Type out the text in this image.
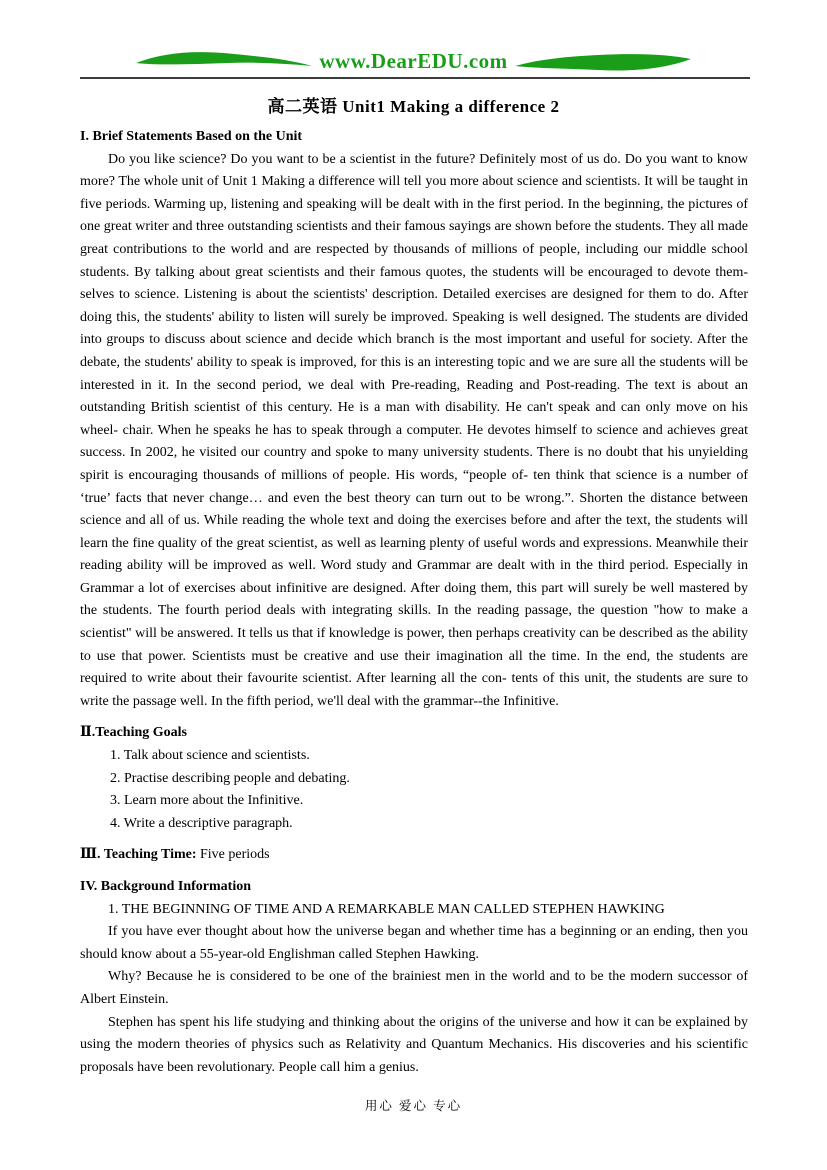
www.DearEDU.com
高二英语 Unit1 Making a difference 2
I. Brief Statements Based on the Unit

Do you like science? Do you want to be a scientist in the future? Definitely most of us do. Do you want to know more? The whole unit of Unit 1 Making a difference will tell you more about science and scientists. It will be taught in five periods. Warming up, listening and speaking will be dealt with in the first period. In the beginning, the pictures of one great writer and three outstanding scientists and their famous sayings are shown before the students. They all made great contributions to the world and are respected by thousands of millions of people, including our middle school students. By talking about great scientists and their famous quotes, the students will be encouraged to devote them- selves to science. Listening is about the scientists' description. Detailed exercises are designed for them to do. After doing this, the students' ability to listen will surely be improved. Speaking is well designed. The students are divided into groups to discuss about science and decide which branch is the most important and useful for society. After the debate, the students' ability to speak is improved, for this is an interesting topic and we are sure all the students will be interested in it. In the second period, we deal with Pre-reading, Reading and Post-reading. The text is about an outstanding British scientist of this century. He is a man with disability. He can't speak and can only move on his wheel- chair. When he speaks he has to speak through a computer. He devotes himself to science and achieves great success. In 2002, he visited our country and spoke to many university students. There is no doubt that his unyielding spirit is encouraging thousands of millions of people. His words, “people of- ten think that science is a number of ‘true’ facts that never change… and even the best theory can turn out to be wrong.”. Shorten the distance between science and all of us. While reading the whole text and doing the exercises before and after the text, the students will learn the fine quality of the great scientist, as well as learning plenty of useful words and expressions. Meanwhile their reading ability will be improved as well. Word study and Grammar are dealt with in the third period. Especially in Grammar a lot of exercises about infinitive are designed. After doing them, this part will surely be well mastered by the students. The fourth period deals with integrating skills. In the reading passage, the question "how to make a scientist" will be answered. It tells us that if knowledge is power, then perhaps creativity can be described as the ability to use that power. Scientists must be creative and use their imagination all the time. In the end, the students are required to write about their favourite scientist. After learning all the con- tents of this unit, the students are sure to write the passage well. In the fifth period, we'll deal with the grammar--the Infinitive.

Ⅱ.Teaching Goals

1. Talk about science and scientists.

2. Practise describing people and debating.

3. Learn more about the Infinitive.

4. Write a descriptive paragraph.

Ⅲ. Teaching Time: Five periods
IV. Background Information

1. THE BEGINNING OF TIME AND A REMARKABLE MAN CALLED STEPHEN HAWKING

If you have ever thought about how the universe began and whether time has a beginning or an ending, then you should know about a 55-year-old Englishman called Stephen Hawking.

Why? Because he is considered to be one of the brainiest men in the world and to be the modern successor of Albert Einstein.

Stephen has spent his life studying and thinking about the origins of the universe and how it can be explained by using the modern theories of physics such as Relativity and Quantum Mechanics. His discoveries and his scientific proposals have been revolutionary. People call him a genius.

用心 爱心 专心
